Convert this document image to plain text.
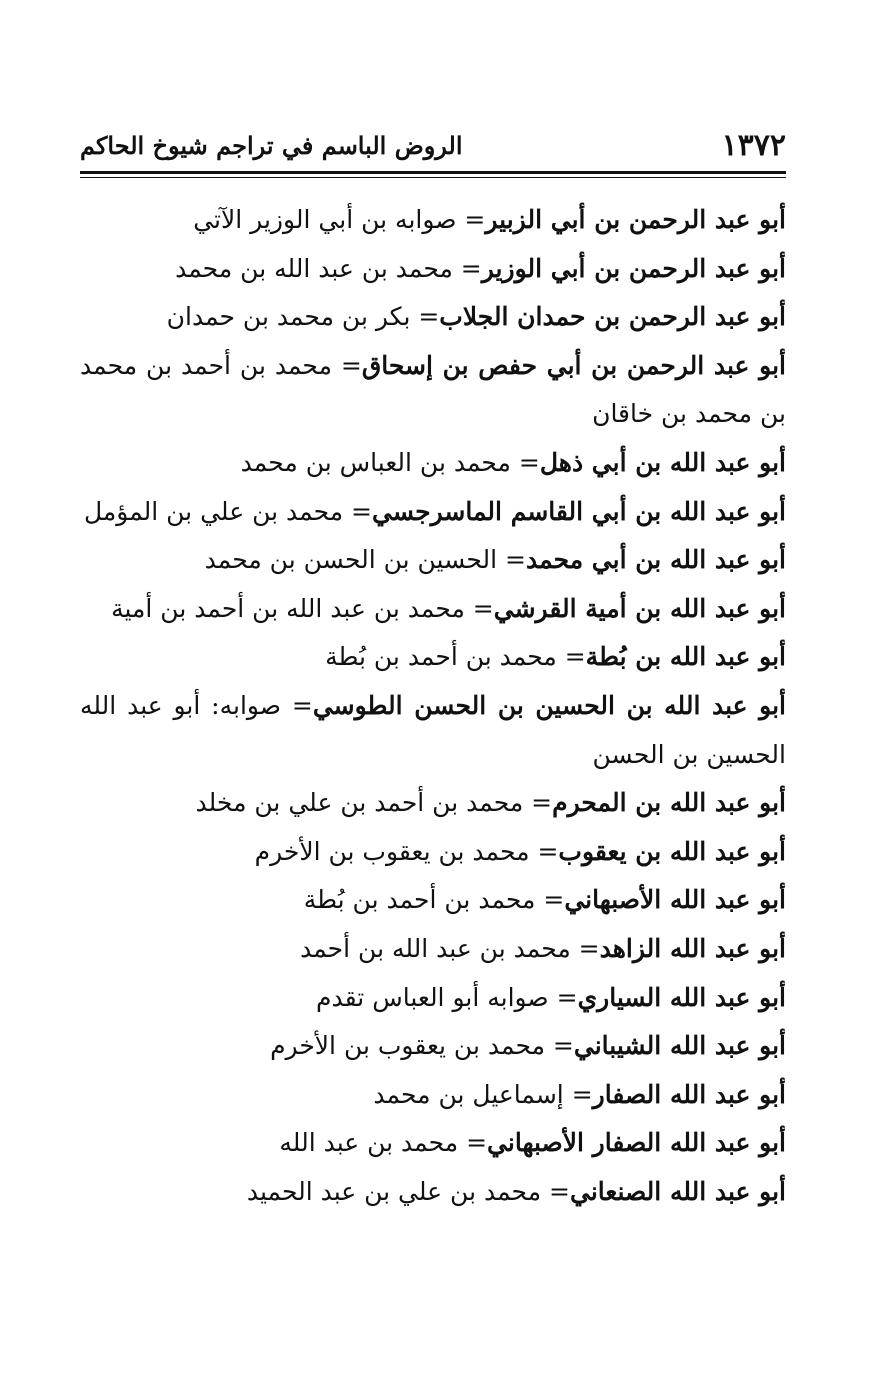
١٣٧٢
الروض الباسم في تراجم شيوخ الحاكم

أبو عبد الرحمن بن أبي الزبير= صوابه بن أبي الوزير الآتي

أبو عبد الرحمن بن أبي الوزير= محمد بن عبد الله بن محمد

أبو عبد الرحمن بن حمدان الجلاب= بكر بن محمد بن حمدان

أبو عبد الرحمن بن أبي حفص بن إسحاق= محمد بن أحمد بن محمد بن محمد بن خاقان

أبو عبد الله بن أبي ذهل= محمد بن العباس بن محمد

أبو عبد الله بن أبي القاسم الماسرجسي= محمد بن علي بن المؤمل

أبو عبد الله بن أبي محمد= الحسين بن الحسن بن محمد

أبو عبد الله بن أمية القرشي= محمد بن عبد الله بن أحمد بن أمية

أبو عبد الله بن بُطة= محمد بن أحمد بن بُطة

أبو عبد الله بن الحسين بن الحسن الطوسي= صوابه: أبو عبد الله الحسين بن الحسن

أبو عبد الله بن المحرم= محمد بن أحمد بن علي بن مخلد

أبو عبد الله بن يعقوب= محمد بن يعقوب بن الأخرم

أبو عبد الله الأصبهاني= محمد بن أحمد بن بُطة

أبو عبد الله الزاهد= محمد بن عبد الله بن أحمد

أبو عبد الله السياري= صوابه أبو العباس تقدم

أبو عبد الله الشيباني= محمد بن يعقوب بن الأخرم

أبو عبد الله الصفار= إسماعيل بن محمد

أبو عبد الله الصفار الأصبهاني= محمد بن عبد الله

أبو عبد الله الصنعاني= محمد بن علي بن عبد الحميد
